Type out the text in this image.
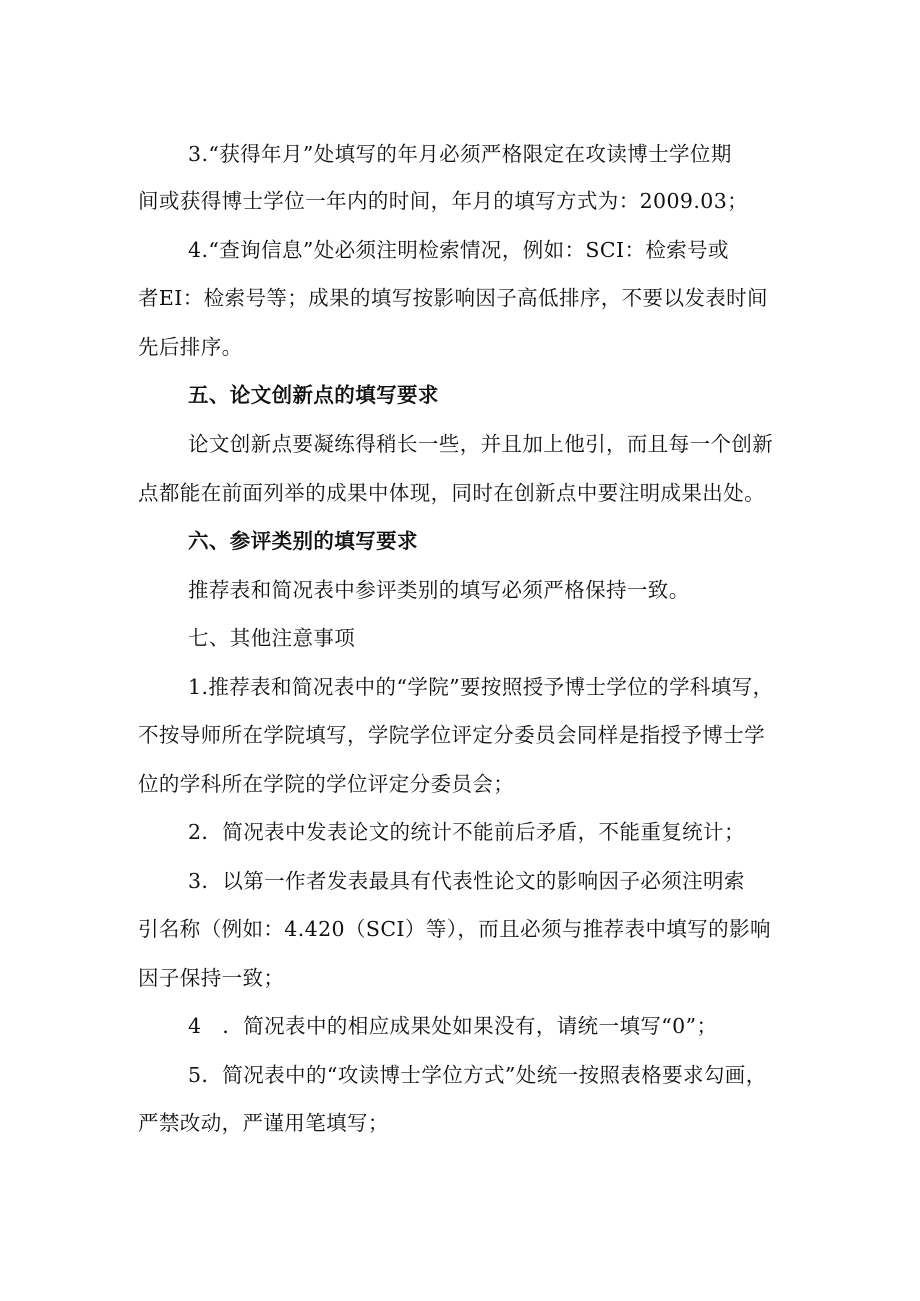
3.“获得年月”处填写的年月必须严格限定在攻读博士学位期
间或获得博士学位一年内的时间，年月的填写方式为：2009.03；
4.“查询信息”处必须注明检索情况，例如：SCI：检索号或
者EI：检索号等；成果的填写按影响因子高低排序，不要以发表时间
先后排序。
五、论文创新点的填写要求
论文创新点要凝练得稍长一些，并且加上他引，而且每一个创新
点都能在前面列举的成果中体现，同时在创新点中要注明成果出处。
六、参评类别的填写要求
推荐表和简况表中参评类别的填写必须严格保持一致。
七、其他注意事项
1.推荐表和简况表中的“学院”要按照授予博士学位的学科填写，
不按导师所在学院填写，学院学位评定分委员会同样是指授予博士学
位的学科所在学院的学位评定分委员会；
2．简况表中发表论文的统计不能前后矛盾，不能重复统计；
3．以第一作者发表最具有代表性论文的影响因子必须注明索
引名称（例如：4.420（SCI）等），而且必须与推荐表中填写的影响
因子保持一致；
4　．简况表中的相应成果处如果没有，请统一填写“0”；
5．简况表中的“攻读博士学位方式”处统一按照表格要求勾画，
严禁改动，严谨用笔填写；
